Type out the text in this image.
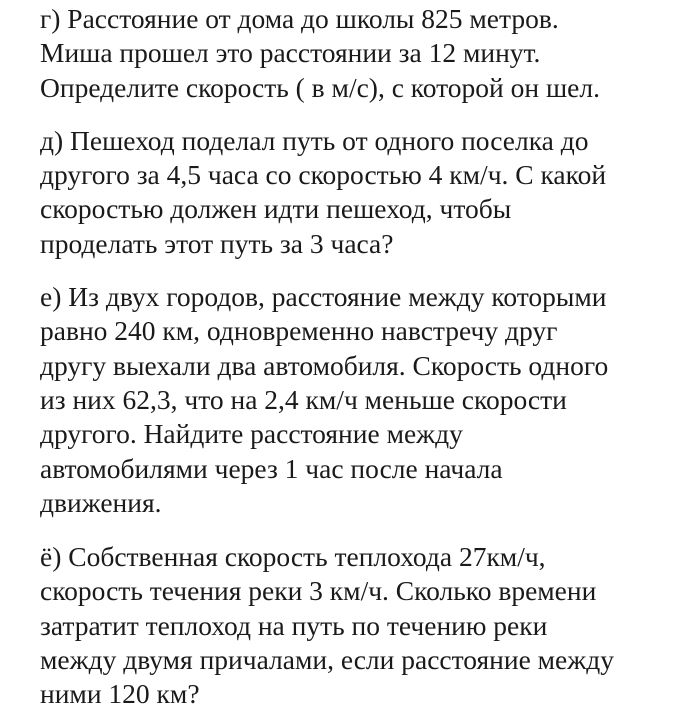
г) Расстояние от дома до школы 825 метров.
Миша прошел это расстоянии за 12 минут.
Определите скорость ( в м/с), с которой он шел.

д) Пешеход поделал путь от одного поселка до
другого за 4,5 часа со скоростью 4 км/ч. С какой
скоростью должен идти пешеход, чтобы
проделать этот путь за 3 часа?

е) Из двух городов, расстояние между которыми
равно 240 км, одновременно навстречу друг
другу выехали два автомобиля. Скорость одного
из них 62,3, что на 2,4 км/ч меньше скорости
другого. Найдите расстояние между
автомобилями через 1 час после начала
движения.

ё) Собственная скорость теплохода 27км/ч,
скорость течения реки 3 км/ч. Сколько времени
затратит теплоход на путь по течению реки
между двумя причалами, если расстояние между
ними 120 км?
